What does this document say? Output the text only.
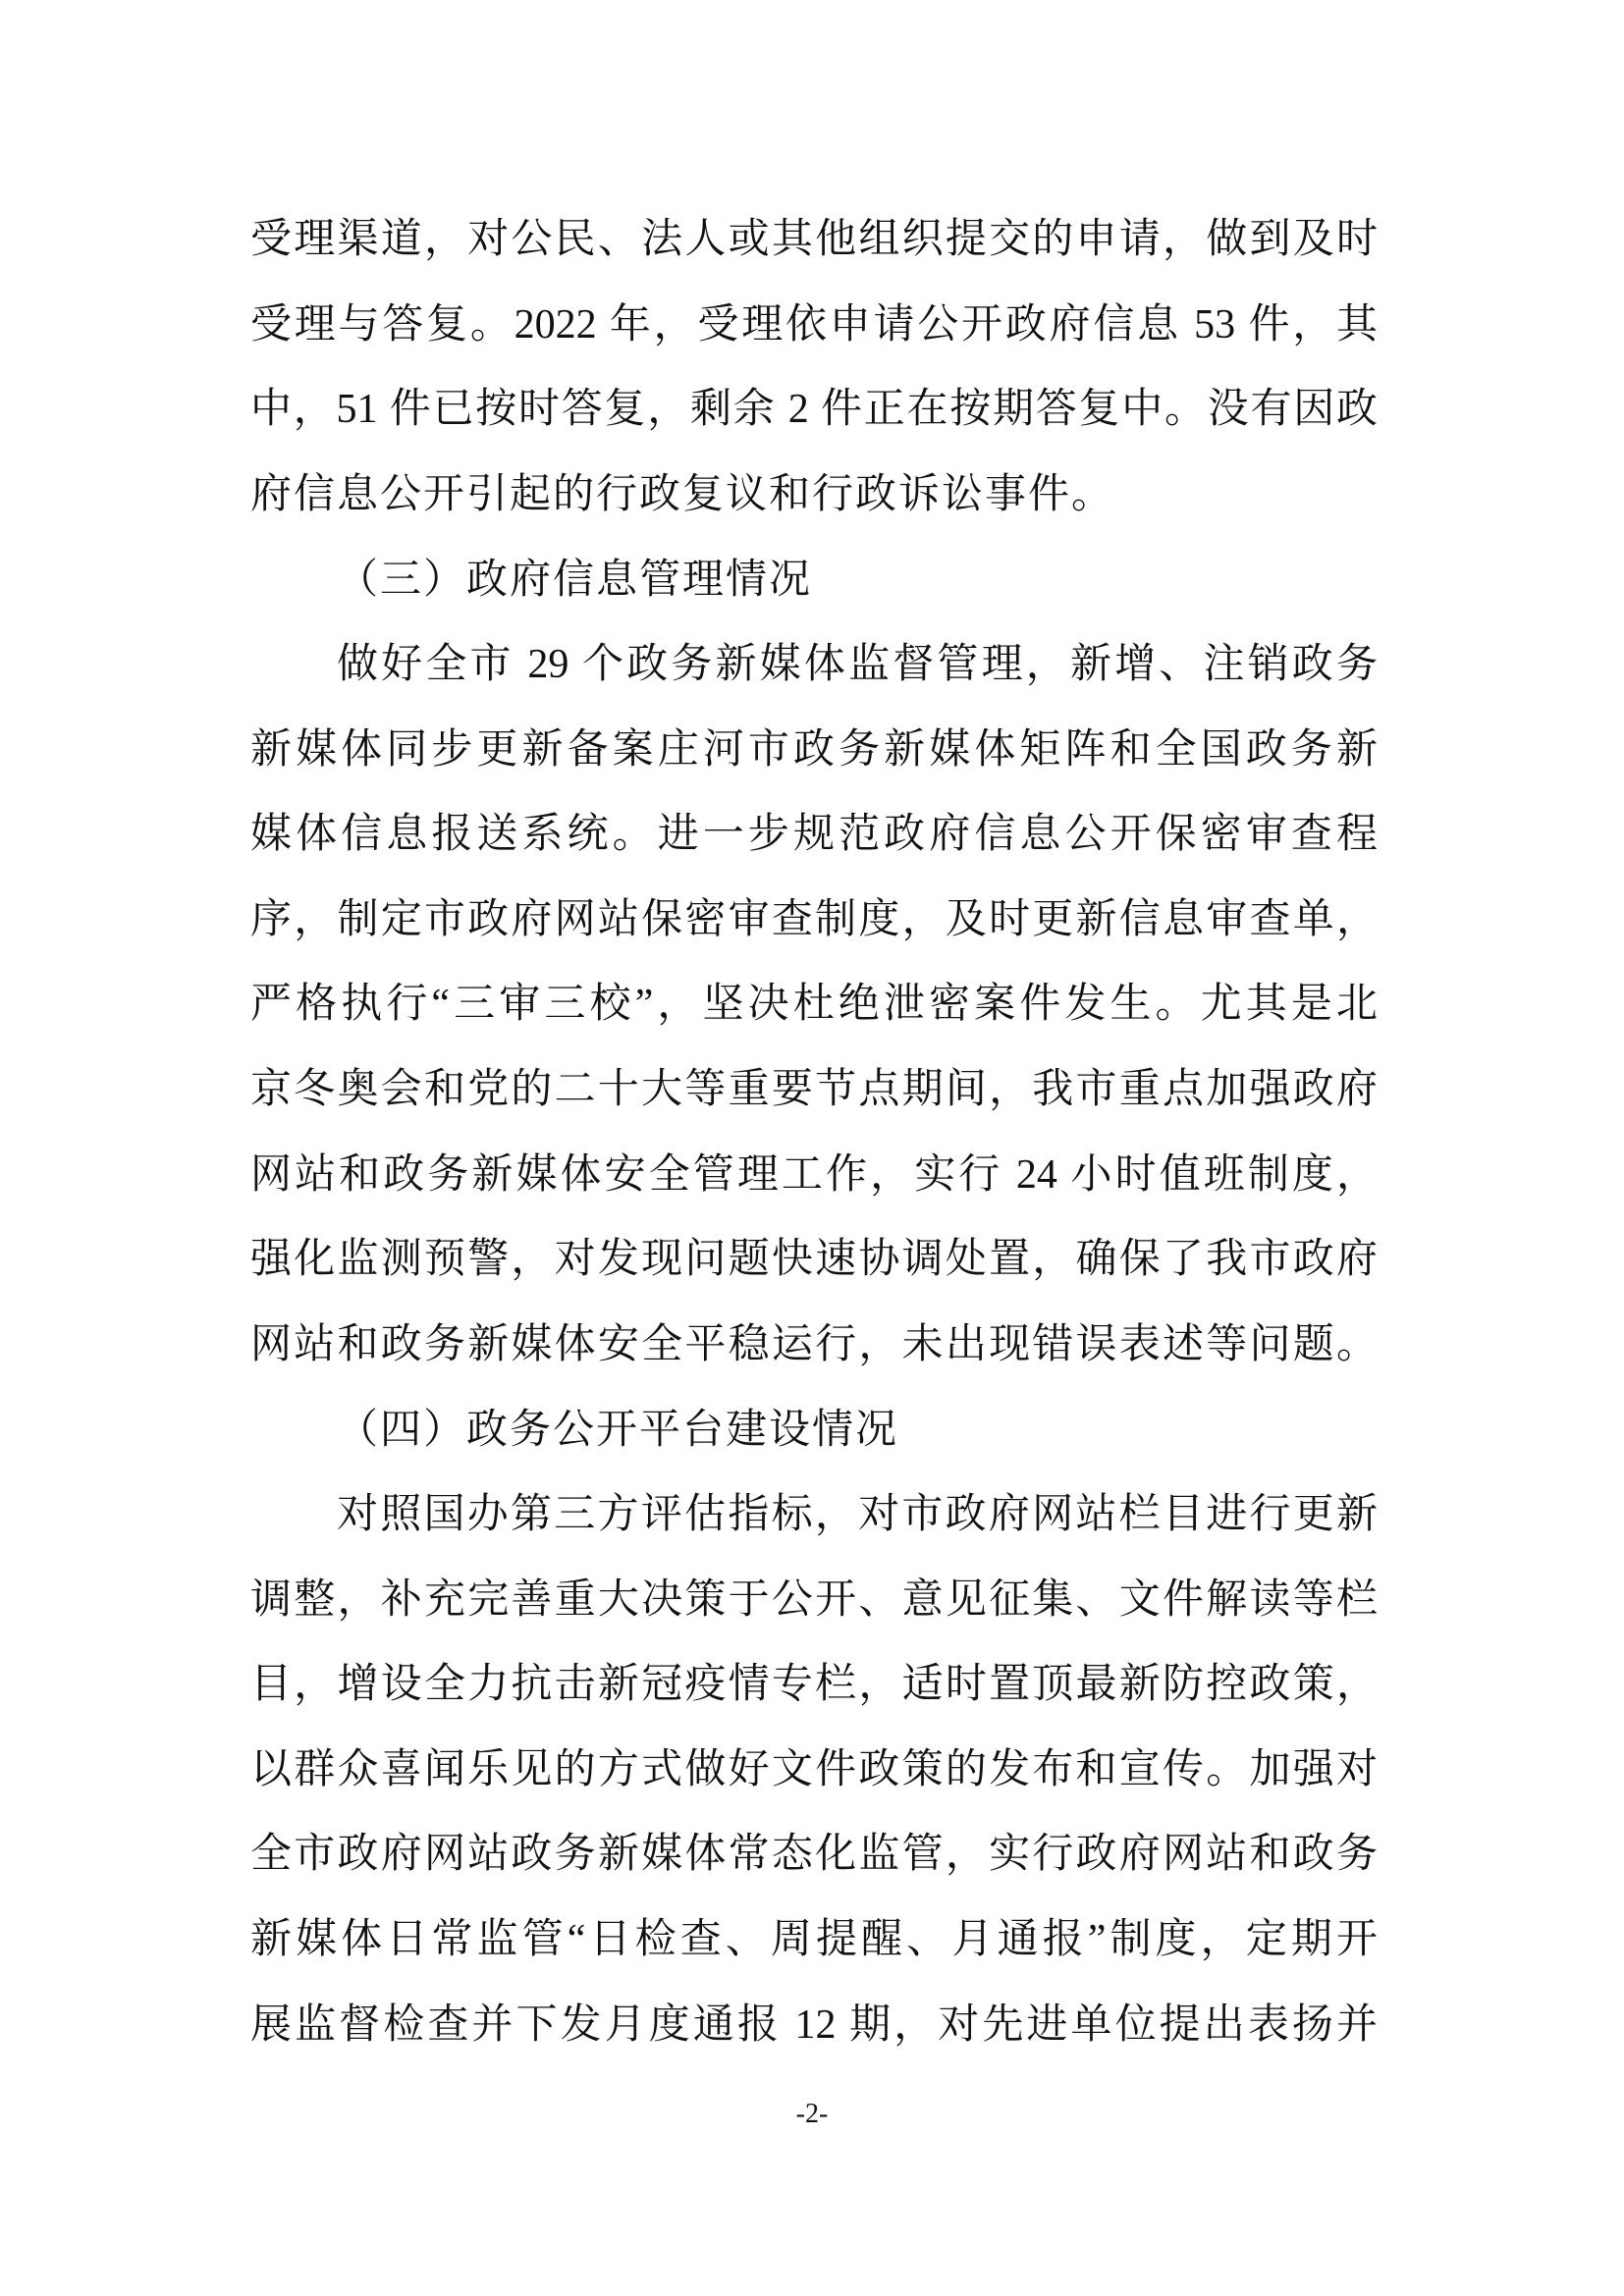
受理渠道，对公民、法人或其他组织提交的申请，做到及时
受理与答复。2022 年，受理依申请公开政府信息 53 件，其
中，51 件已按时答复，剩余 2 件正在按期答复中。没有因政
府信息公开引起的行政复议和行政诉讼事件。
（三）政府信息管理情况
做好全市 29 个政务新媒体监督管理，新增、注销政务
新媒体同步更新备案庄河市政务新媒体矩阵和全国政务新
媒体信息报送系统。进一步规范政府信息公开保密审查程
序，制定市政府网站保密审查制度，及时更新信息审查单，
严格执行“三审三校”，坚决杜绝泄密案件发生。尤其是北
京冬奥会和党的二十大等重要节点期间，我市重点加强政府
网站和政务新媒体安全管理工作，实行 24 小时值班制度，
强化监测预警，对发现问题快速协调处置，确保了我市政府
网站和政务新媒体安全平稳运行，未出现错误表述等问题。
（四）政务公开平台建设情况
对照国办第三方评估指标，对市政府网站栏目进行更新
调整，补充完善重大决策于公开、意见征集、文件解读等栏
目，增设全力抗击新冠疫情专栏，适时置顶最新防控政策，
以群众喜闻乐见的方式做好文件政策的发布和宣传。加强对
全市政府网站政务新媒体常态化监管，实行政府网站和政务
新媒体日常监管“日检查、周提醒、月通报”制度，定期开
展监督检查并下发月度通报 12 期，对先进单位提出表扬并
-2-
